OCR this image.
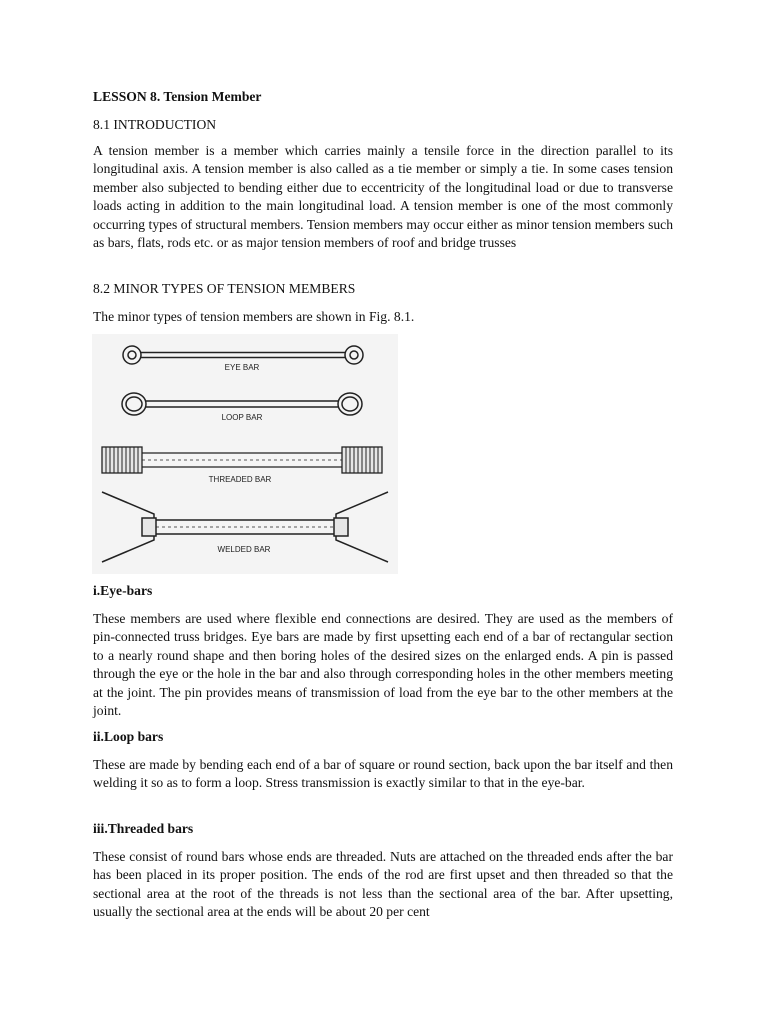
LESSON 8. Tension Member
8.1 INTRODUCTION
A tension member is a member which carries mainly a tensile force in the direction parallel to its longitudinal axis. A tension member is also called as a tie member or simply a tie. In some cases tension member also subjected to bending either due to eccentricity of the longitudinal load or due to transverse loads acting in addition to the main longitudinal load. A tension member is one of the most commonly occurring types of structural members. Tension members may occur either as minor tension members such as bars, flats, rods etc. or as major tension members of roof and bridge trusses
8.2 MINOR TYPES OF TENSION MEMBERS
The minor types of tension members are shown in Fig. 8.1.
EYE BAR
LOOP BAR
THREADED BAR
WELDED BAR
i.Eye-bars
These members are used where flexible end connections are desired. They are used as the members of pin-connected truss bridges. Eye bars are made by first upsetting each end of a bar of rectangular section to a nearly round shape and then boring holes of the desired sizes on the enlarged ends. A pin is passed through the eye or the hole in the bar and also through corresponding holes in the other members meeting at the joint. The pin provides means of transmission of load from the eye bar to the other members at the joint.
ii.Loop bars
These are made by bending each end of a bar of square or round section, back upon the bar itself and then welding it so as to form a loop. Stress transmission is exactly similar to that in the eye-bar.
iii.Threaded bars
These consist of round bars whose ends are threaded. Nuts are attached on the threaded ends after the bar has been placed in its proper position. The ends of the rod are first upset and then threaded so that the sectional area at the root of the threads is not less than the sectional area of the bar. After upsetting, usually the sectional area at the ends will be about 20 per cent
